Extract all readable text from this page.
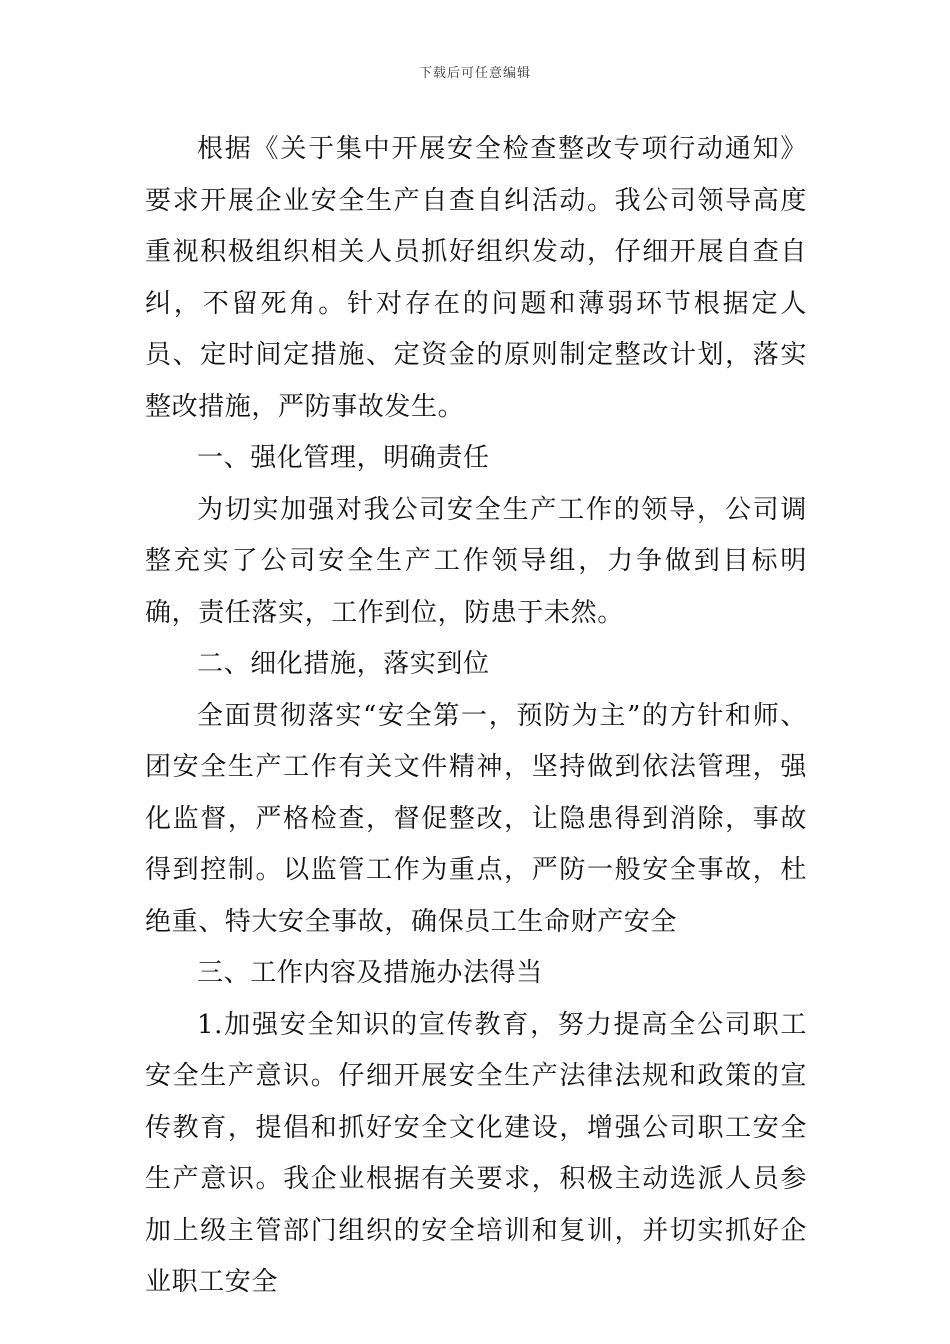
下载后可任意编辑

根据《关于集中开展安全检查整改专项行动通知》要求开展企业安全生产自查自纠活动。我公司领导高度重视积极组织相关人员抓好组织发动，仔细开展自查自纠，不留死角。针对存在的问题和薄弱环节根据定人员、定时间定措施、定资金的原则制定整改计划，落实整改措施，严防事故发生。

一、强化管理，明确责任

为切实加强对我公司安全生产工作的领导，公司调整充实了公司安全生产工作领导组，力争做到目标明确，责任落实，工作到位，防患于未然。

二、细化措施，落实到位

全面贯彻落实“安全第一，预防为主”的方针和师、团安全生产工作有关文件精神，坚持做到依法管理，强化监督，严格检查，督促整改，让隐患得到消除，事故得到控制。以监管工作为重点，严防一般安全事故，杜绝重、特大安全事故，确保员工生命财产安全

三、工作内容及措施办法得当

1.加强安全知识的宣传教育，努力提高全公司职工安全生产意识。仔细开展安全生产法律法规和政策的宣传教育，提倡和抓好安全文化建设，增强公司职工安全生产意识。我企业根据有关要求，积极主动选派人员参加上级主管部门组织的安全培训和复训，并切实抓好企业职工安全
